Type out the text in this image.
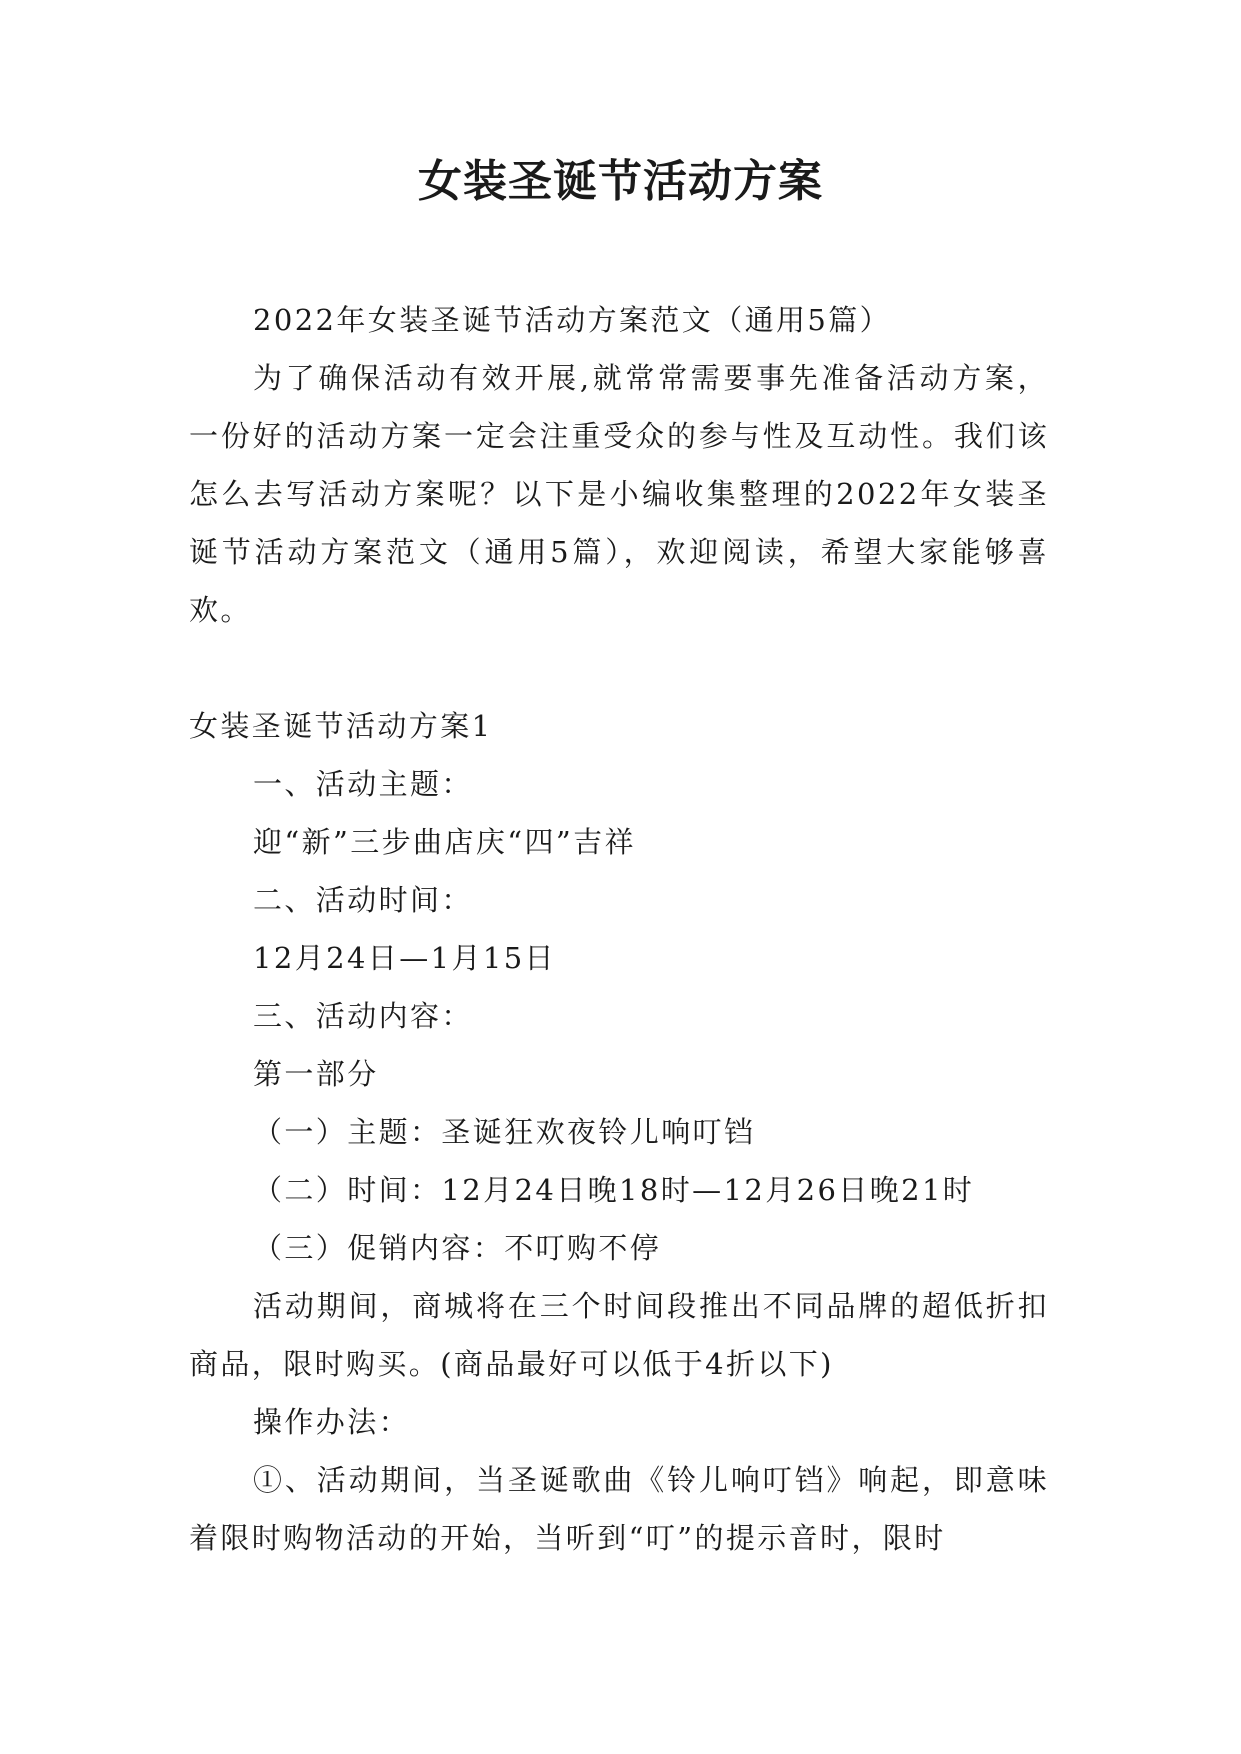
女装圣诞节活动方案

2022年女装圣诞节活动方案范文（通用5篇）

为了确保活动有效开展,就常常需要事先准备活动方案，一份好的活动方案一定会注重受众的参与性及互动性。我们该怎么去写活动方案呢？以下是小编收集整理的2022年女装圣诞节活动方案范文（通用5篇），欢迎阅读，希望大家能够喜欢。

女装圣诞节活动方案1

一、活动主题：

迎“新”三步曲店庆“四”吉祥

二、活动时间：

12月24日—1月15日

三、活动内容：

第一部分

（一）主题：圣诞狂欢夜铃儿响叮铛

（二）时间：12月24日晚18时—12月26日晚21时

（三）促销内容：不叮购不停

活动期间，商城将在三个时间段推出不同品牌的超低折扣商品，限时购买。(商品最好可以低于4折以下)

操作办法：

①、活动期间，当圣诞歌曲《铃儿响叮铛》响起，即意味着限时购物活动的开始，当听到“叮”的提示音时，限时
